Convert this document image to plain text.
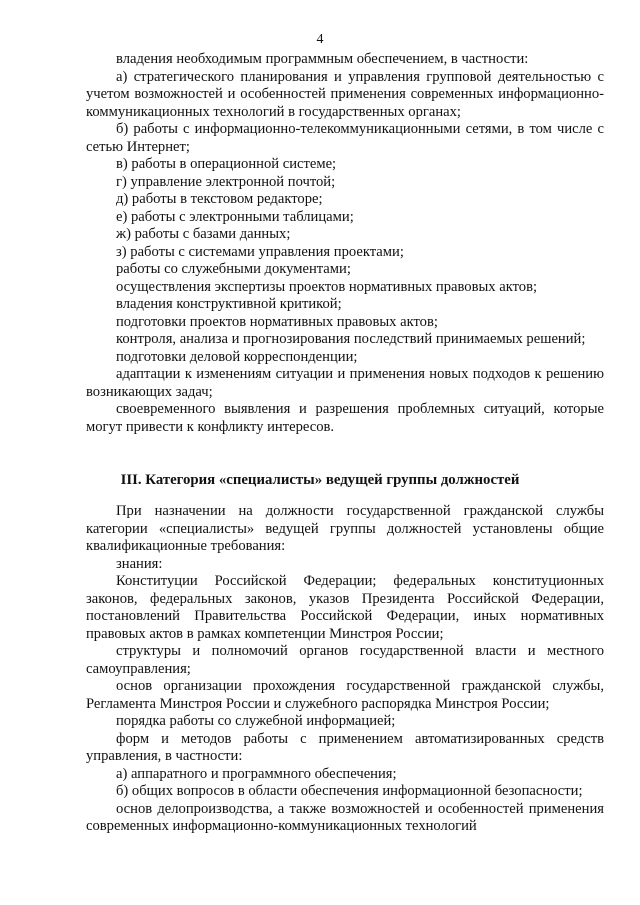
4

владения необходимым программным обеспечением, в частности:

а) стратегического планирования и управления групповой деятельностью с учетом возможностей и особенностей применения современных информационно-коммуникационных технологий в государственных органах;

б) работы с информационно-телекоммуникационными сетями, в том числе с сетью Интернет;

в) работы в операционной системе;

г) управление электронной почтой;

д) работы в текстовом редакторе;

е) работы с электронными таблицами;

ж) работы с базами данных;

з) работы с системами управления проектами;

работы со служебными документами;

осуществления экспертизы проектов нормативных правовых актов;

владения конструктивной критикой;

подготовки проектов нормативных правовых актов;

контроля, анализа и прогнозирования последствий принимаемых решений;

подготовки деловой корреспонденции;

адаптации к изменениям ситуации и применения новых подходов к решению возникающих задач;

своевременного выявления и разрешения проблемных ситуаций, которые могут привести к конфликту интересов.

III. Категория «специалисты» ведущей группы должностей

При назначении на должности государственной гражданской службы категории «специалисты» ведущей группы должностей установлены общие квалификационные требования:

знания:

Конституции Российской Федерации; федеральных конституционных законов, федеральных законов, указов Президента Российской Федерации, постановлений Правительства Российской Федерации, иных нормативных правовых актов в рамках компетенции Минстроя России;

структуры и полномочий органов государственной власти и местного самоуправления;

основ организации прохождения государственной гражданской службы, Регламента Минстроя России и служебного распорядка Минстроя России;

порядка работы со служебной информацией;

форм и методов работы с применением автоматизированных средств управления, в частности:

а) аппаратного и программного обеспечения;

б) общих вопросов в области обеспечения информационной безопасности;

основ делопроизводства, а также возможностей и особенностей применения современных информационно-коммуникационных технологий
